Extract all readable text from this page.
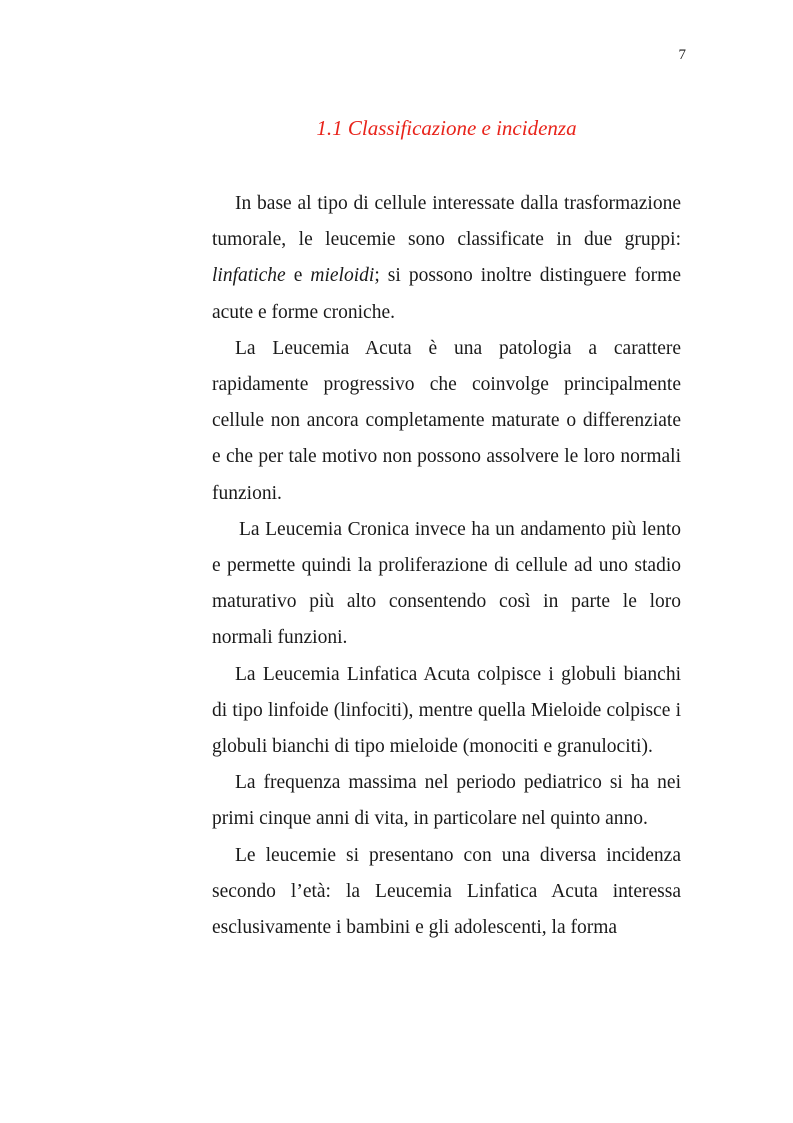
7
1.1 Classificazione e incidenza

In base al tipo di cellule interessate dalla trasformazione tumorale, le leucemie sono classificate in due gruppi: linfatiche e mieloidi; si possono inoltre distinguere forme acute e forme croniche.

La Leucemia Acuta è una patologia a carattere rapidamente progressivo che coinvolge principalmente cellule non ancora completamente maturate o differenziate e che per tale motivo non possono assolvere le loro normali funzioni.

La Leucemia Cronica invece ha un andamento più lento e permette quindi la proliferazione di cellule ad uno stadio maturativo più alto consentendo così in parte le loro normali funzioni.

La Leucemia Linfatica Acuta colpisce i globuli bianchi di tipo linfoide (linfociti), mentre quella Mieloide colpisce i globuli bianchi di tipo mieloide (monociti e granulociti).

La frequenza massima nel periodo pediatrico si ha nei primi cinque anni di vita, in particolare nel quinto anno.

Le leucemie si presentano con una diversa incidenza secondo l’età: la Leucemia Linfatica Acuta interessa esclusivamente i bambini e gli adolescenti, la forma
